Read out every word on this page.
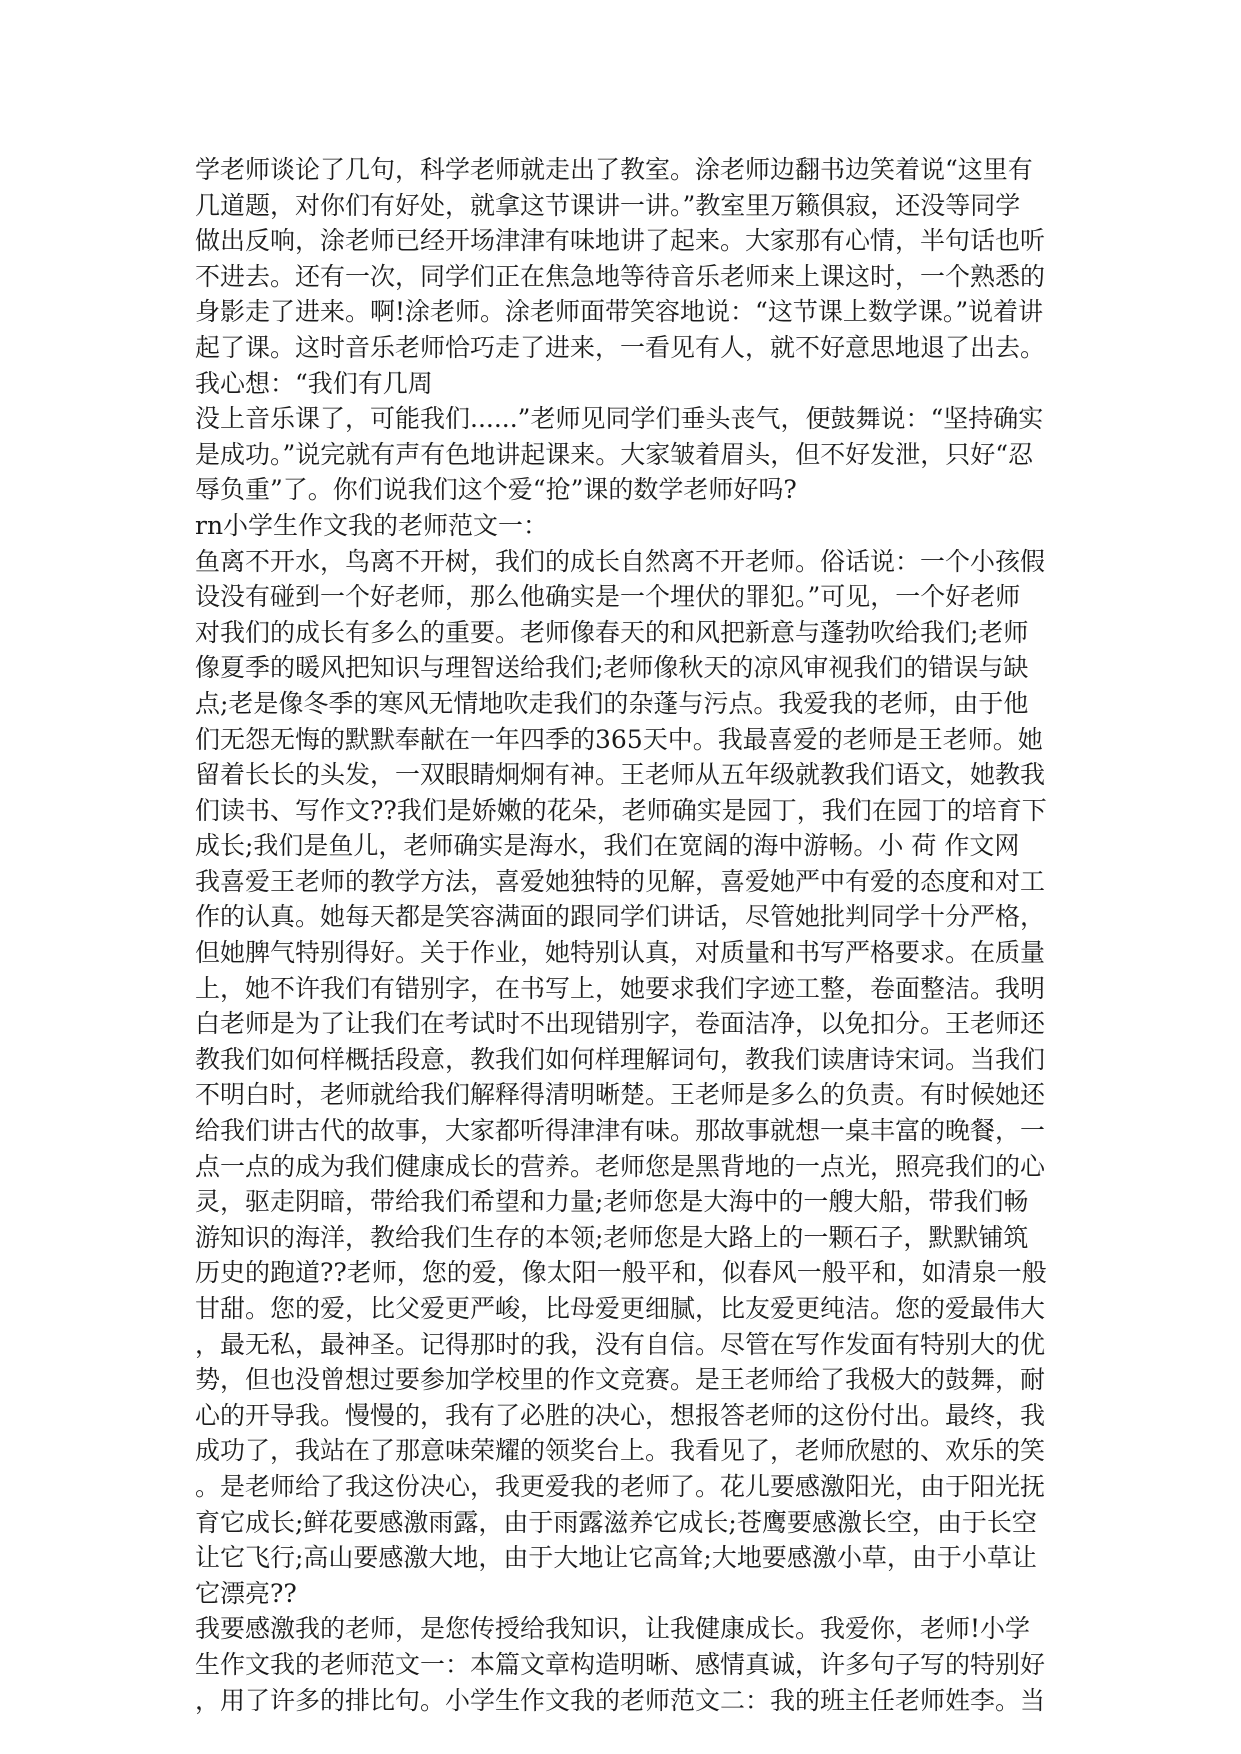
学老师谈论了几句，科学老师就走出了教室。涂老师边翻书边笑着说“这里有
几道题，对你们有好处，就拿这节课讲一讲。”教室里万籁俱寂，还没等同学
做出反响，涂老师已经开场津津有味地讲了起来。大家那有心情，半句话也听
不进去。还有一次，同学们正在焦急地等待音乐老师来上课这时，一个熟悉的
身影走了进来。啊!涂老师。涂老师面带笑容地说：“这节课上数学课。”说着讲
起了课。这时音乐老师恰巧走了进来，一看见有人，就不好意思地退了出去。
我心想：“我们有几周
没上音乐课了，可能我们......”老师见同学们垂头丧气，便鼓舞说：“坚持确实
是成功。”说完就有声有色地讲起课来。大家皱着眉头，但不好发泄，只好“忍
辱负重”了。你们说我们这个爱“抢”课的数学老师好吗?
rn小学生作文我的老师范文一：
鱼离不开水，鸟离不开树，我们的成长自然离不开老师。俗话说：一个小孩假
设没有碰到一个好老师，那么他确实是一个埋伏的罪犯。”可见，一个好老师
对我们的成长有多么的重要。老师像春天的和风把新意与蓬勃吹给我们;老师
像夏季的暖风把知识与理智送给我们;老师像秋天的凉风审视我们的错误与缺
点;老是像冬季的寒风无情地吹走我们的杂蓬与污点。我爱我的老师，由于他
们无怨无悔的默默奉献在一年四季的365天中。我最喜爱的老师是王老师。她
留着长长的头发，一双眼睛炯炯有神。王老师从五年级就教我们语文，她教我
们读书、写作文??我们是娇嫩的花朵，老师确实是园丁，我们在园丁的培育下
成长;我们是鱼儿，老师确实是海水，我们在宽阔的海中游畅。小 荷 作文网
我喜爱王老师的教学方法，喜爱她独特的见解，喜爱她严中有爱的态度和对工
作的认真。她每天都是笑容满面的跟同学们讲话，尽管她批判同学十分严格，
但她脾气特别得好。关于作业，她特别认真，对质量和书写严格要求。在质量
上，她不许我们有错别字，在书写上，她要求我们字迹工整，卷面整洁。我明
白老师是为了让我们在考试时不出现错别字，卷面洁净，以免扣分。王老师还
教我们如何样概括段意，教我们如何样理解词句，教我们读唐诗宋词。当我们
不明白时，老师就给我们解释得清明晰楚。王老师是多么的负责。有时候她还
给我们讲古代的故事，大家都听得津津有味。那故事就想一桌丰富的晚餐，一
点一点的成为我们健康成长的营养。老师您是黑背地的一点光，照亮我们的心
灵，驱走阴暗，带给我们希望和力量;老师您是大海中的一艘大船，带我们畅
游知识的海洋，教给我们生存的本领;老师您是大路上的一颗石子，默默铺筑
历史的跑道??老师，您的爱，像太阳一般平和，似春风一般平和，如清泉一般
甘甜。您的爱，比父爱更严峻，比母爱更细腻，比友爱更纯洁。您的爱最伟大
，最无私，最神圣。记得那时的我，没有自信。尽管在写作发面有特别大的优
势，但也没曾想过要参加学校里的作文竞赛。是王老师给了我极大的鼓舞，耐
心的开导我。慢慢的，我有了必胜的决心，想报答老师的这份付出。最终，我
成功了，我站在了那意味荣耀的领奖台上。我看见了，老师欣慰的、欢乐的笑
。是老师给了我这份决心，我更爱我的老师了。花儿要感激阳光，由于阳光抚
育它成长;鲜花要感激雨露，由于雨露滋养它成长;苍鹰要感激长空，由于长空
让它飞行;高山要感激大地，由于大地让它高耸;大地要感激小草，由于小草让
它漂亮??
我要感激我的老师，是您传授给我知识，让我健康成长。我爱你，老师!小学
生作文我的老师范文一：本篇文章构造明晰、感情真诚，许多句子写的特别好
，用了许多的排比句。小学生作文我的老师范文二：我的班主任老师姓李。当
